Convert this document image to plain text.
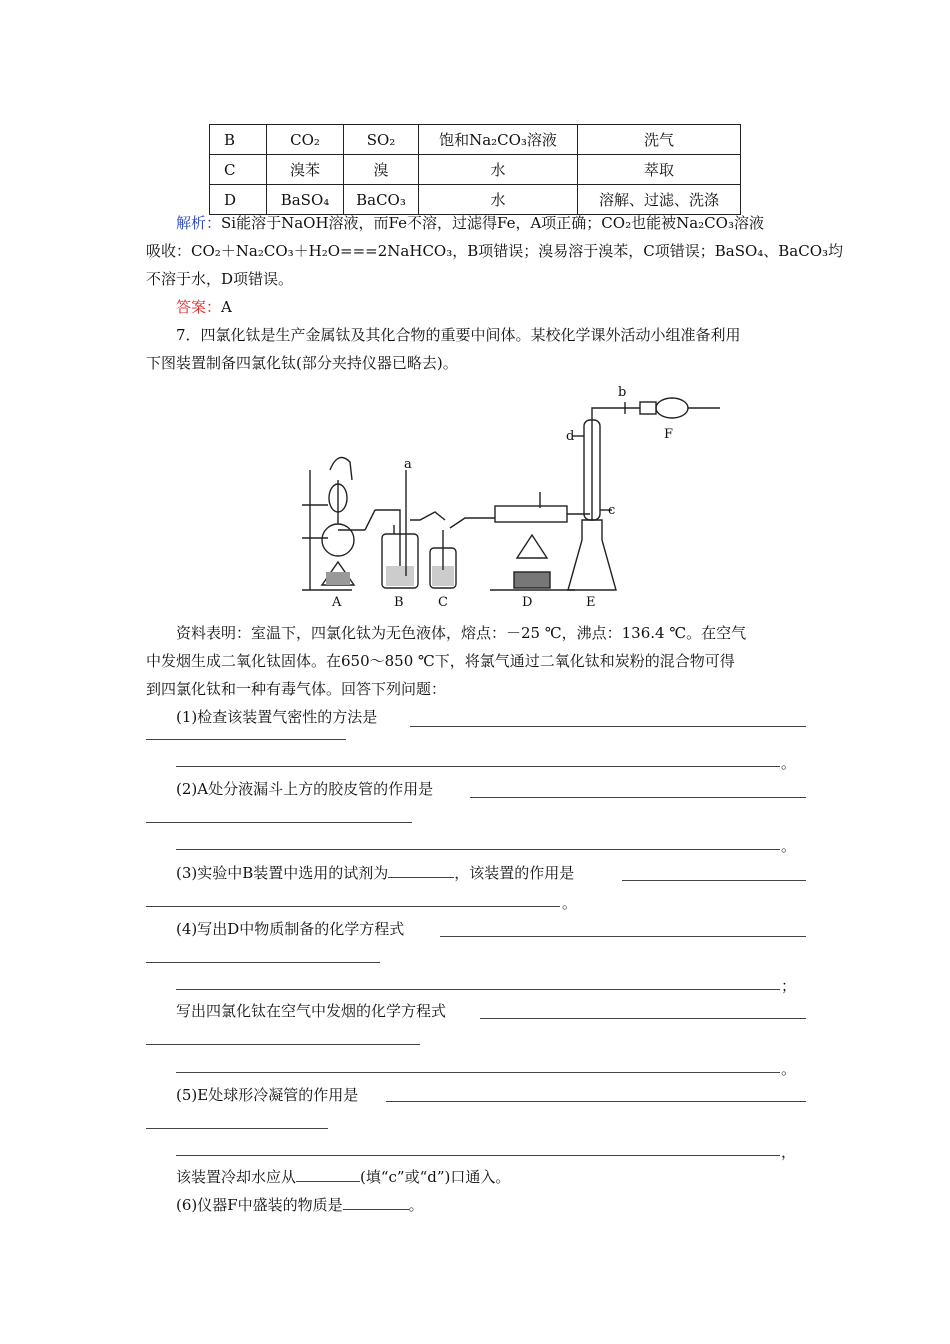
B	CO₂	SO₂	饱和Na₂CO₃溶液	洗气
C	溴苯	溴	水	萃取
D	BaSO₄	BaCO₃	水	溶解、过滤、洗涤
解析：Si能溶于NaOH溶液，而Fe不溶，过滤得Fe，A项正确；CO₂也能被Na₂CO₃溶液
吸收：CO₂＋Na₂CO₃＋H₂O===2NaHCO₃，B项错误；溴易溶于溴苯，C项错误；BaSO₄、BaCO₃均
不溶于水，D项错误。
答案：A
7．四氯化钛是生产金属钛及其化合物的重要中间体。某校化学课外活动小组准备利用
下图装置制备四氯化钛(部分夹持仪器已略去)。
A	B	C	D	E
F
a
b
c
d
资料表明：室温下，四氯化钛为无色液体，熔点：－25 ℃，沸点：136.4 ℃。在空气
中发烟生成二氧化钛固体。在650～850 ℃下，将氯气通过二氧化钛和炭粉的混合物可得
到四氯化钛和一种有毒气体。回答下列问题：
(1)检查该装置气密性的方法是
。
(2)A处分液漏斗上方的胶皮管的作用是
。
(3)实验中B装置中选用的试剂为	，该装置的作用是
。
(4)写出D中物质制备的化学方程式
；
写出四氯化钛在空气中发烟的化学方程式
。
(5)E处球形冷凝管的作用是
，
该装置冷却水应从	(填“c”或“d”)口通入。
(6)仪器F中盛装的物质是	。
